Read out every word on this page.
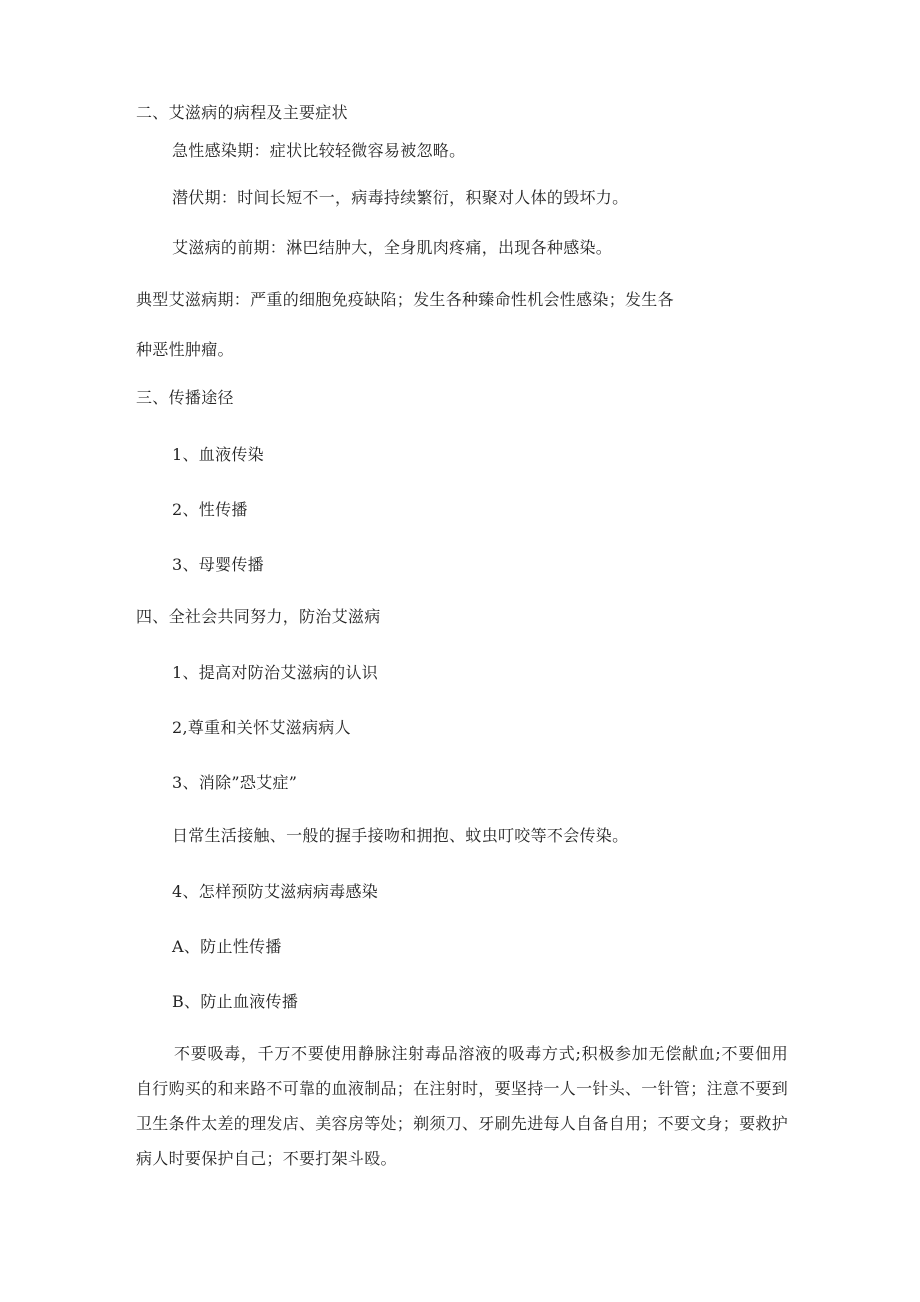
二、艾滋病的病程及主要症状
急性感染期：症状比较轻微容易被忽略。
潜伏期：时间长短不一，病毒持续繁衍，积聚对人体的毁坏力。
艾滋病的前期：淋巴结肿大，全身肌肉疼痛，出现各种感染。
典型艾滋病期：严重的细胞免疫缺陷；发生各种臻命性机会性感染；发生各
种恶性肿瘤。
三、传播途径
1、血液传染
2、性传播
3、母婴传播
四、全社会共同努力，防治艾滋病
1、提高对防治艾滋病的认识
2,尊重和关怀艾滋病病人
3、消除”恐艾症”
日常生活接触、一般的握手接吻和拥抱、蚊虫叮咬等不会传染。
4、怎样预防艾滋病病毒感染
A、防止性传播
B、防止血液传播
不要吸毒，千万不要使用静脉注射毒品溶液的吸毒方式;积极参加无偿献血;不要佃用自行购买的和来路不可靠的血液制品；在注射时，要坚持一人一针头、一针管；注意不要到卫生条件太差的理发店、美容房等处；剃须刀、牙刷先进每人自备自用；不要文身；要救护病人时要保护自己；不要打架斗殴。
